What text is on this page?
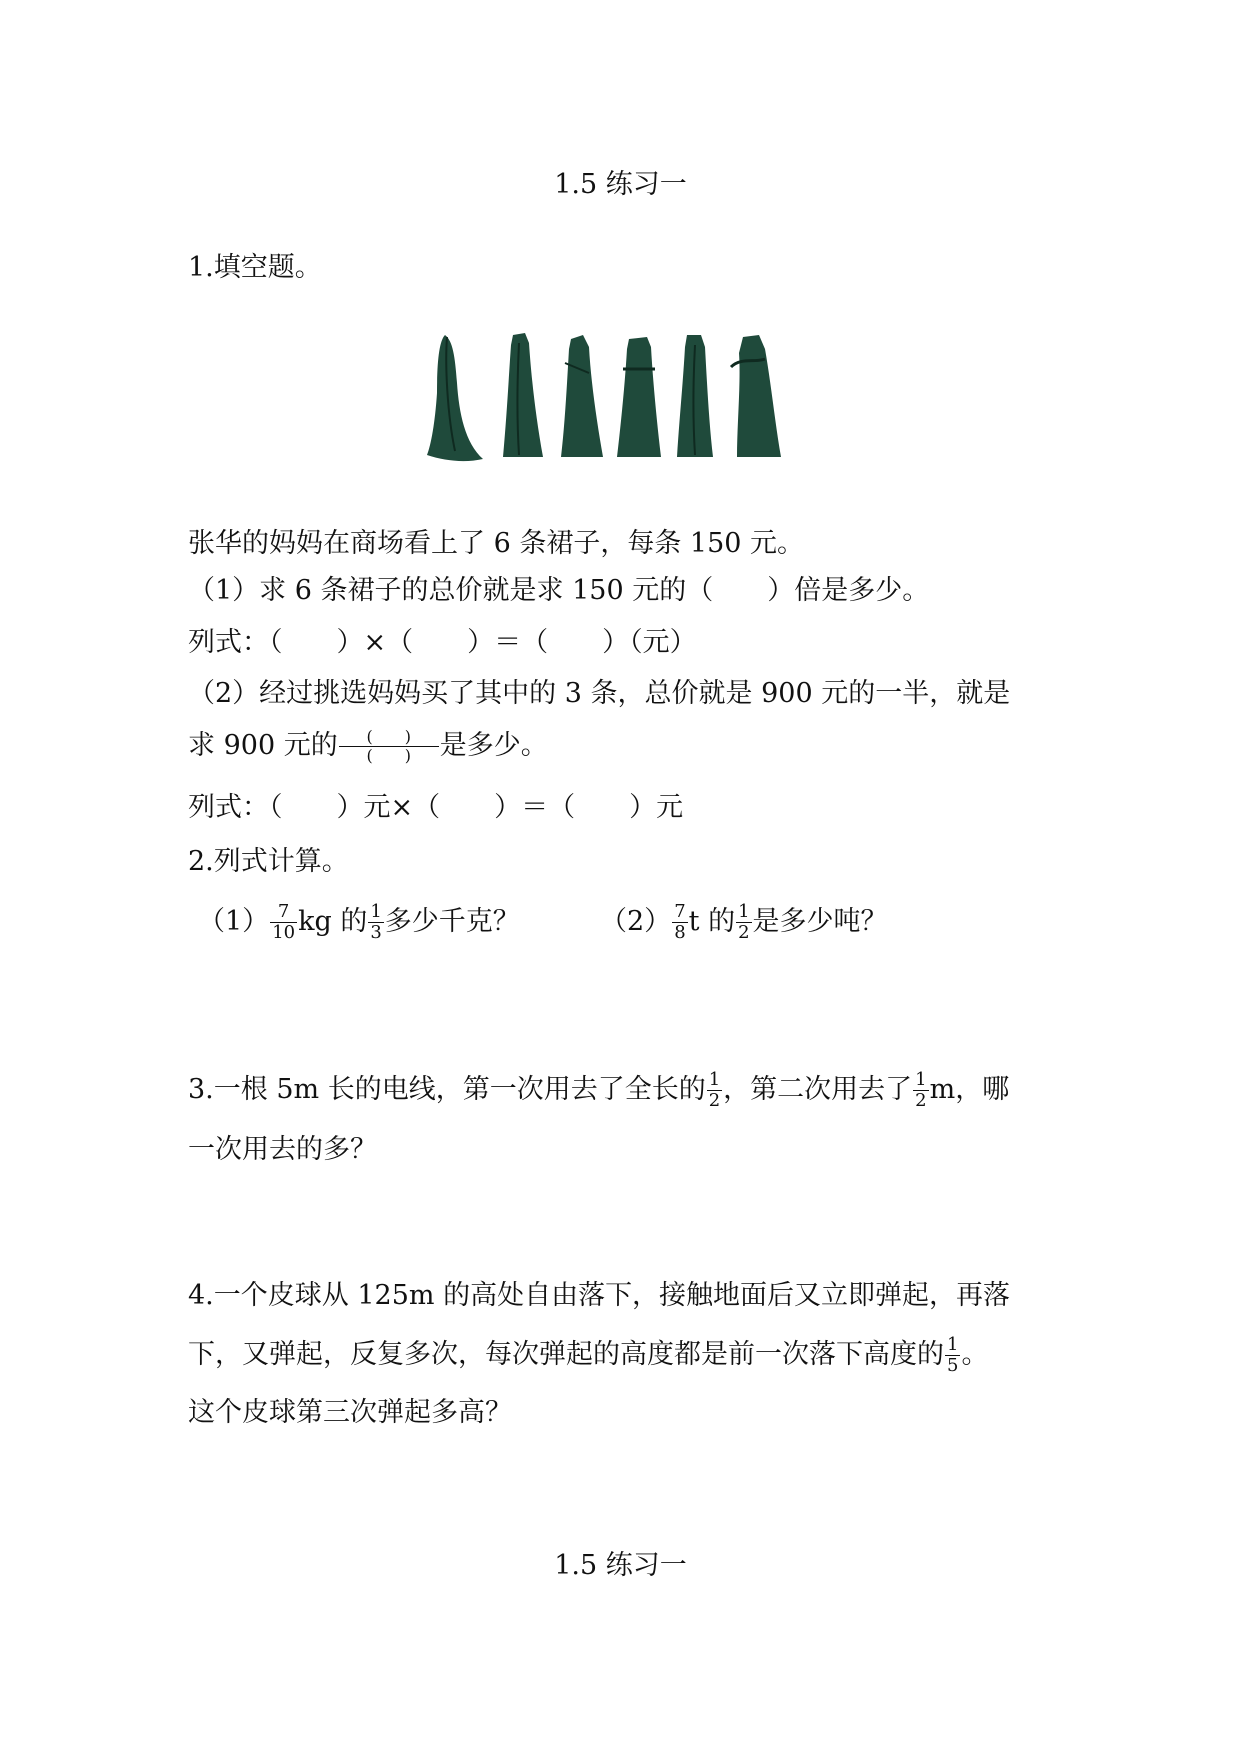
1.5 练习一
1.填空题。
张华的妈妈在商场看上了 6 条裙子，每条 150 元。
（1）求 6 条裙子的总价就是求 150 元的（　　）倍是多少。
列式：（　　）×（　　）＝（　　）（元）
（2）经过挑选妈妈买了其中的 3 条，总价就是 900 元的一半，就是
求 900 元的 $\frac{( )}{( )}$ 是多少。
列式：（　　）元×（　　）＝（　　）元
2.列式计算。
$(1) \frac{7}{10}$ kg 的 $\frac{1}{3}$ 多少千克？	$(2) \frac{7}{8}$ t 的 $\frac{1}{2}$ 是多少吨？
3.一根 5m 长的电线，第一次用去了全长的 $\frac{1}{2}$ ，第二次用去了 $\frac{1}{2}$ m，哪
一次用去的多？
4.一个皮球从 125m 的高处自由落下，接触地面后又立即弹起，再落
下，又弹起，反复多次，每次弹起的高度都是前一次落下高度的 $\frac{1}{5}$ 。
这个皮球第三次弹起多高？
1.5 练习一
